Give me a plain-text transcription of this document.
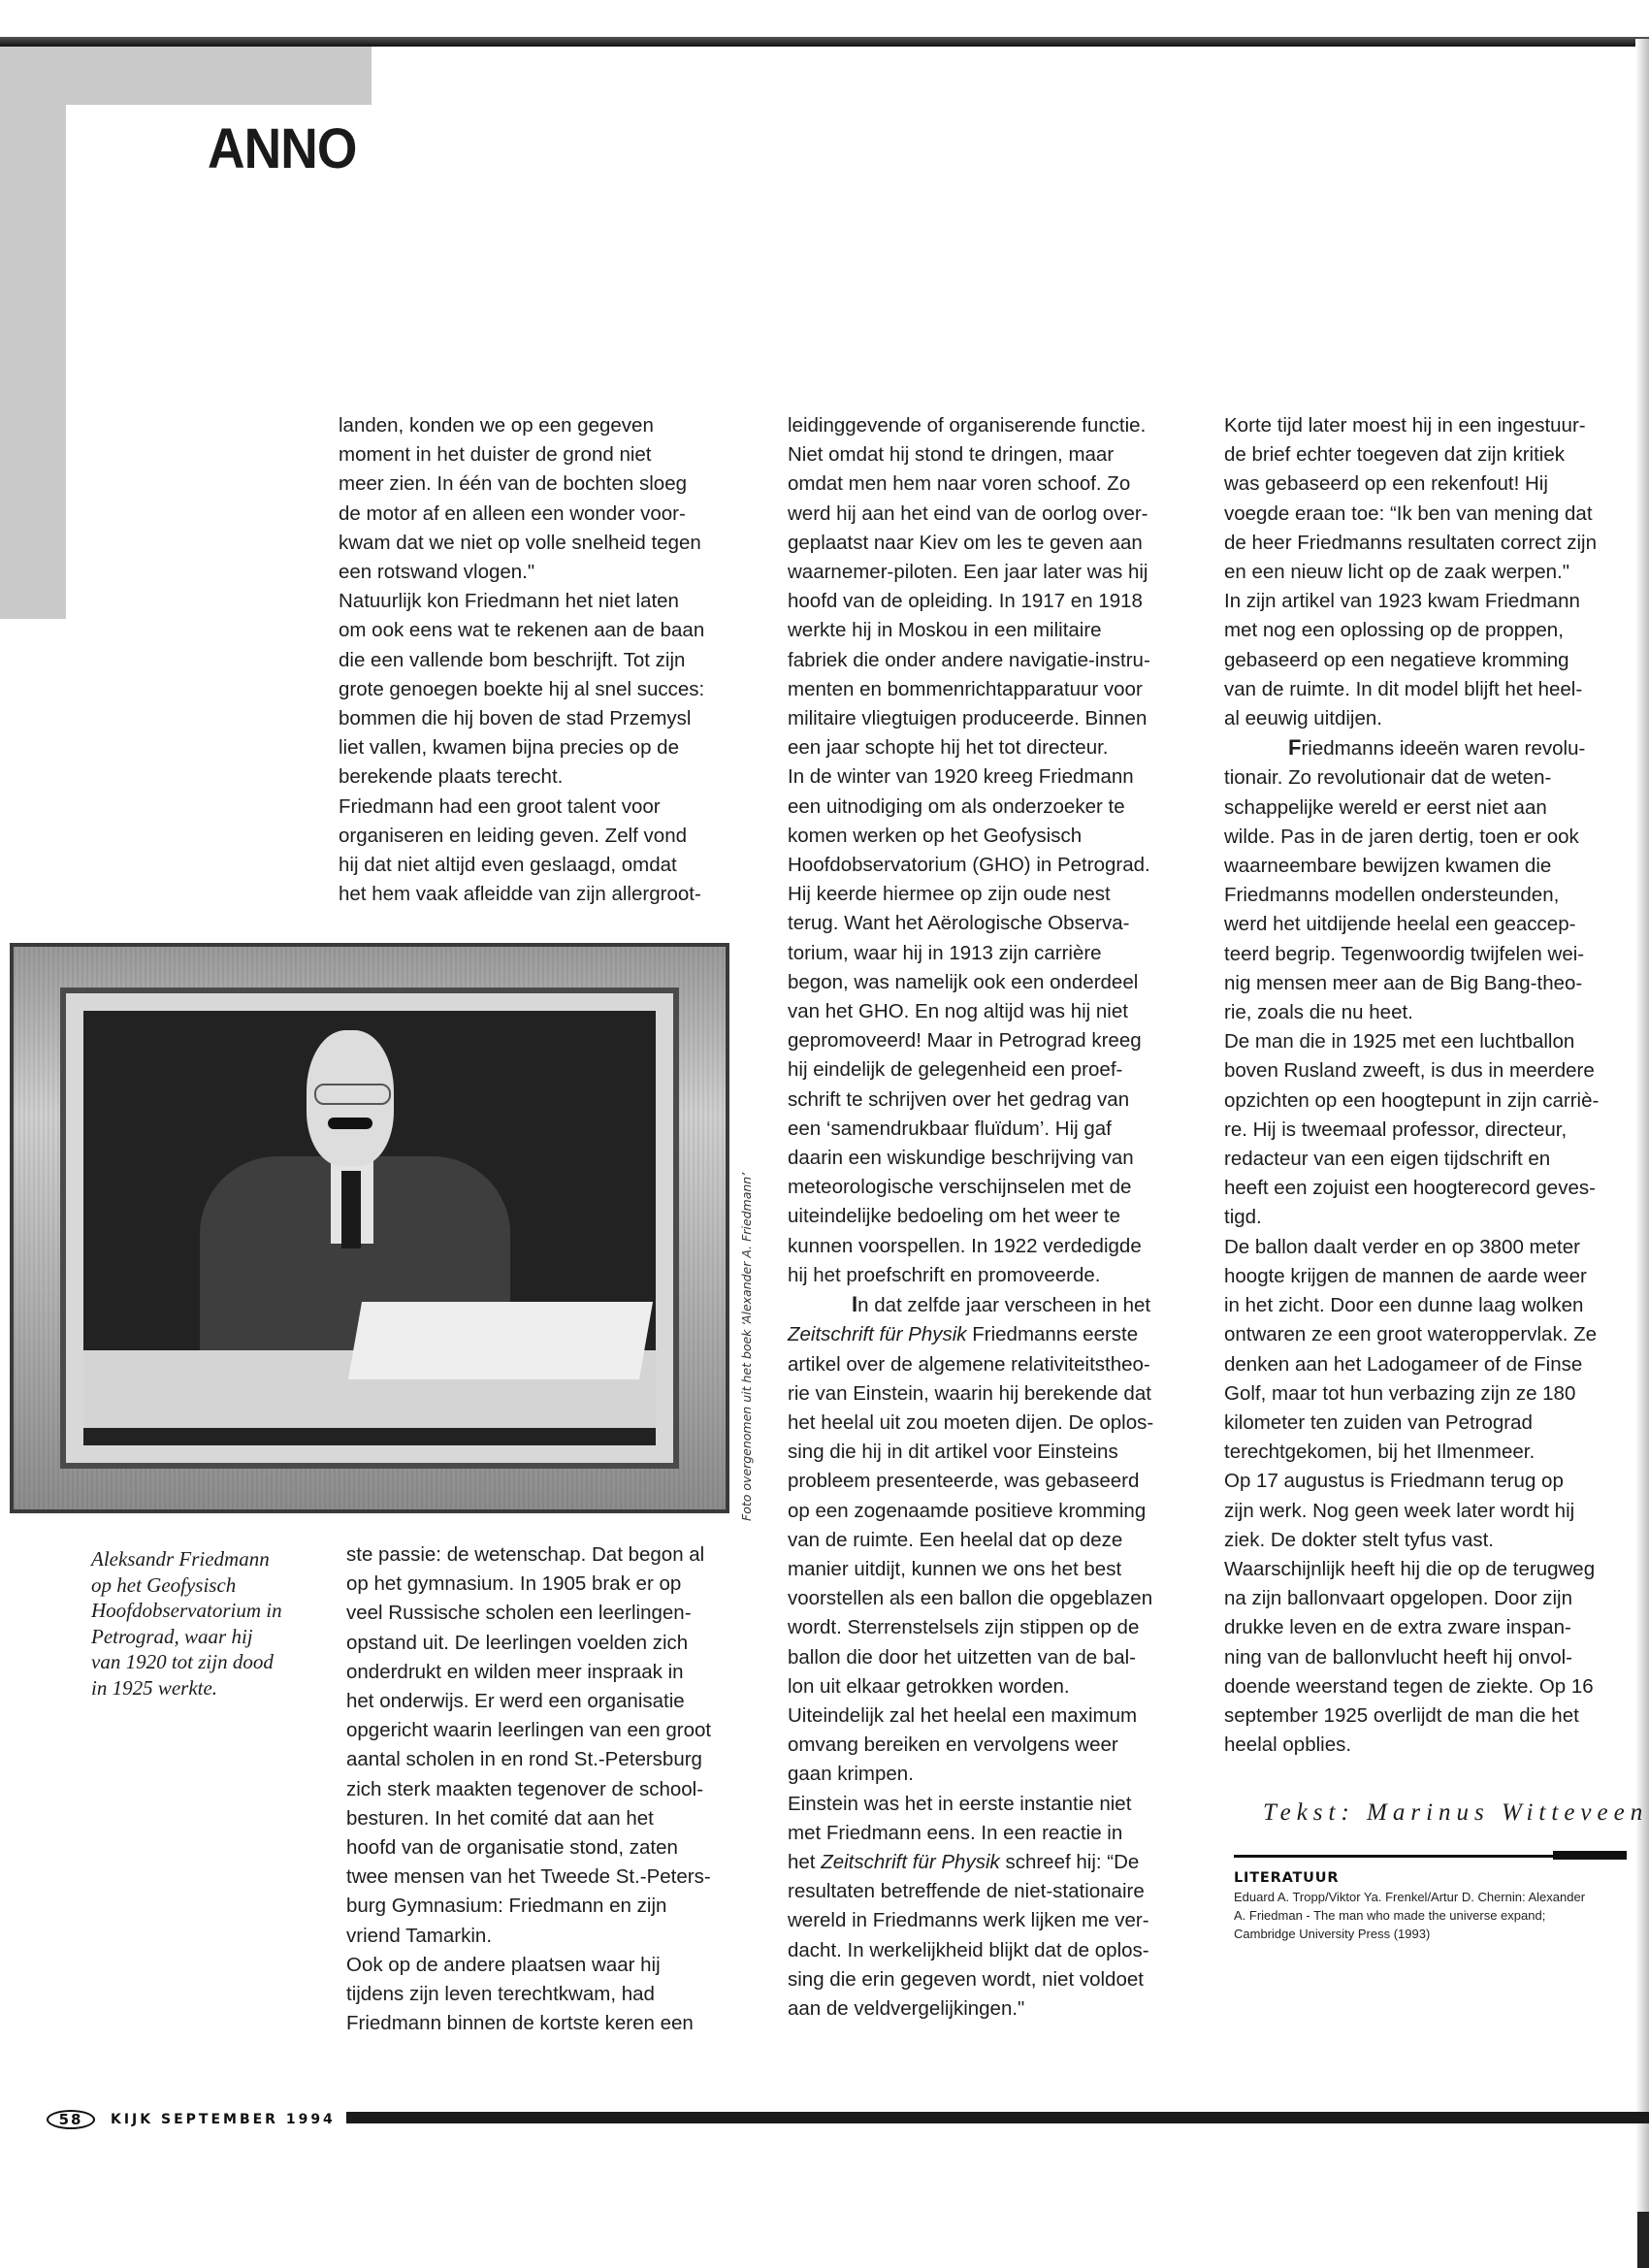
ANNO

landen, konden we op een gegeven

moment in het duister de grond niet

meer zien. In één van de bochten sloeg

de motor af en alleen een wonder voor-

kwam dat we niet op volle snelheid tegen

een rotswand vlogen."

Natuurlijk kon Friedmann het niet laten

om ook eens wat te rekenen aan de baan

die een vallende bom beschrijft. Tot zijn

grote genoegen boekte hij al snel succes:

bommen die hij boven de stad Przemysl

liet vallen, kwamen bijna precies op de

berekende plaats terecht.

Friedmann had een groot talent voor

organiseren en leiding geven. Zelf vond

hij dat niet altijd even geslaagd, omdat

het hem vaak afleidde van zijn allergroot-

Foto overgenomen uit het boek ‘Alexander A. Friedmann’

Aleksandr Friedmann

op het Geofysisch

Hoofdobservatorium in

Petrograd, waar hij

van 1920 tot zijn dood

in 1925 werkte.

ste passie: de wetenschap. Dat begon al

op het gymnasium. In 1905 brak er op

veel Russische scholen een leerlingen-

opstand uit. De leerlingen voelden zich

onderdrukt en wilden meer inspraak in

het onderwijs. Er werd een organisatie

opgericht waarin leerlingen van een groot

aantal scholen in en rond St.-Petersburg

zich sterk maakten tegenover de school-

besturen. In het comité dat aan het

hoofd van de organisatie stond, zaten

twee mensen van het Tweede St.-Peters-

burg Gymnasium: Friedmann en zijn

vriend Tamarkin.

Ook op de andere plaatsen waar hij

tijdens zijn leven terechtkwam, had

Friedmann binnen de kortste keren een

leidinggevende of organiserende functie.

Niet omdat hij stond te dringen, maar

omdat men hem naar voren schoof. Zo

werd hij aan het eind van de oorlog over-

geplaatst naar Kiev om les te geven aan

waarnemer-piloten. Een jaar later was hij

hoofd van de opleiding. In 1917 en 1918

werkte hij in Moskou in een militaire

fabriek die onder andere navigatie-instru-

menten en bommenrichtapparatuur voor

militaire vliegtuigen produceerde. Binnen

een jaar schopte hij het tot directeur.

In de winter van 1920 kreeg Friedmann

een uitnodiging om als onderzoeker te

komen werken op het Geofysisch

Hoofdobservatorium (GHO) in Petrograd.

Hij keerde hiermee op zijn oude nest

terug. Want het Aërologische Observa-

torium, waar hij in 1913 zijn carrière

begon, was namelijk ook een onderdeel

van het GHO. En nog altijd was hij niet

gepromoveerd! Maar in Petrograd kreeg

hij eindelijk de gelegenheid een proef-

schrift te schrijven over het gedrag van

een ‘samendrukbaar fluïdum’. Hij gaf

daarin een wiskundige beschrijving van

meteorologische verschijnselen met de

uiteindelijke bedoeling om het weer te

kunnen voorspellen. In 1922 verdedigde

hij het proefschrift en promoveerde.

In dat zelfde jaar verscheen in het

Zeitschrift für Physik Friedmanns eerste

artikel over de algemene relativiteitstheo-

rie van Einstein, waarin hij berekende dat

het heelal uit zou moeten dijen. De oplos-

sing die hij in dit artikel voor Einsteins

probleem presenteerde, was gebaseerd

op een zogenaamde positieve kromming

van de ruimte. Een heelal dat op deze

manier uitdijt, kunnen we ons het best

voorstellen als een ballon die opgeblazen

wordt. Sterrenstelsels zijn stippen op de

ballon die door het uitzetten van de bal-

lon uit elkaar getrokken worden.

Uiteindelijk zal het heelal een maximum

omvang bereiken en vervolgens weer

gaan krimpen.

Einstein was het in eerste instantie niet

met Friedmann eens. In een reactie in

het Zeitschrift für Physik schreef hij: “De

resultaten betreffende de niet-stationaire

wereld in Friedmanns werk lijken me ver-

dacht. In werkelijkheid blijkt dat de oplos-

sing die erin gegeven wordt, niet voldoet

aan de veldvergelijkingen."

Korte tijd later moest hij in een ingestuur-

de brief echter toegeven dat zijn kritiek

was gebaseerd op een rekenfout! Hij

voegde eraan toe: “Ik ben van mening dat

de heer Friedmanns resultaten correct zijn

en een nieuw licht op de zaak werpen."

In zijn artikel van 1923 kwam Friedmann

met nog een oplossing op de proppen,

gebaseerd op een negatieve kromming

van de ruimte. In dit model blijft het heel-

al eeuwig uitdijen.

Friedmanns ideeën waren revolu-

tionair. Zo revolutionair dat de weten-

schappelijke wereld er eerst niet aan

wilde. Pas in de jaren dertig, toen er ook

waarneembare bewijzen kwamen die

Friedmanns modellen ondersteunden,

werd het uitdijende heelal een geaccep-

teerd begrip. Tegenwoordig twijfelen wei-

nig mensen meer aan de Big Bang-theo-

rie, zoals die nu heet.

De man die in 1925 met een luchtballon

boven Rusland zweeft, is dus in meerdere

opzichten op een hoogtepunt in zijn carriè-

re. Hij is tweemaal professor, directeur,

redacteur van een eigen tijdschrift en

heeft een zojuist een hoogterecord geves-

tigd.

De ballon daalt verder en op 3800 meter

hoogte krijgen de mannen de aarde weer

in het zicht. Door een dunne laag wolken

ontwaren ze een groot wateroppervlak. Ze

denken aan het Ladogameer of de Finse

Golf, maar tot hun verbazing zijn ze 180

kilometer ten zuiden van Petrograd

terechtgekomen, bij het Ilmenmeer.

Op 17 augustus is Friedmann terug op

zijn werk. Nog geen week later wordt hij

ziek. De dokter stelt tyfus vast.

Waarschijnlijk heeft hij die op de terugweg

na zijn ballonvaart opgelopen. Door zijn

drukke leven en de extra zware inspan-

ning van de ballonvlucht heeft hij onvol-

doende weerstand tegen de ziekte. Op 16

september 1925 overlijdt de man die het

heelal opblies.

Tekst: Marinus Witteveen
LITERATUUR

Eduard A. Tropp/Viktor Ya. Frenkel/Artur D. Chernin: Alexander

A. Friedman - The man who made the universe expand;

Cambridge University Press (1993)

58	KIJK SEPTEMBER 1994
